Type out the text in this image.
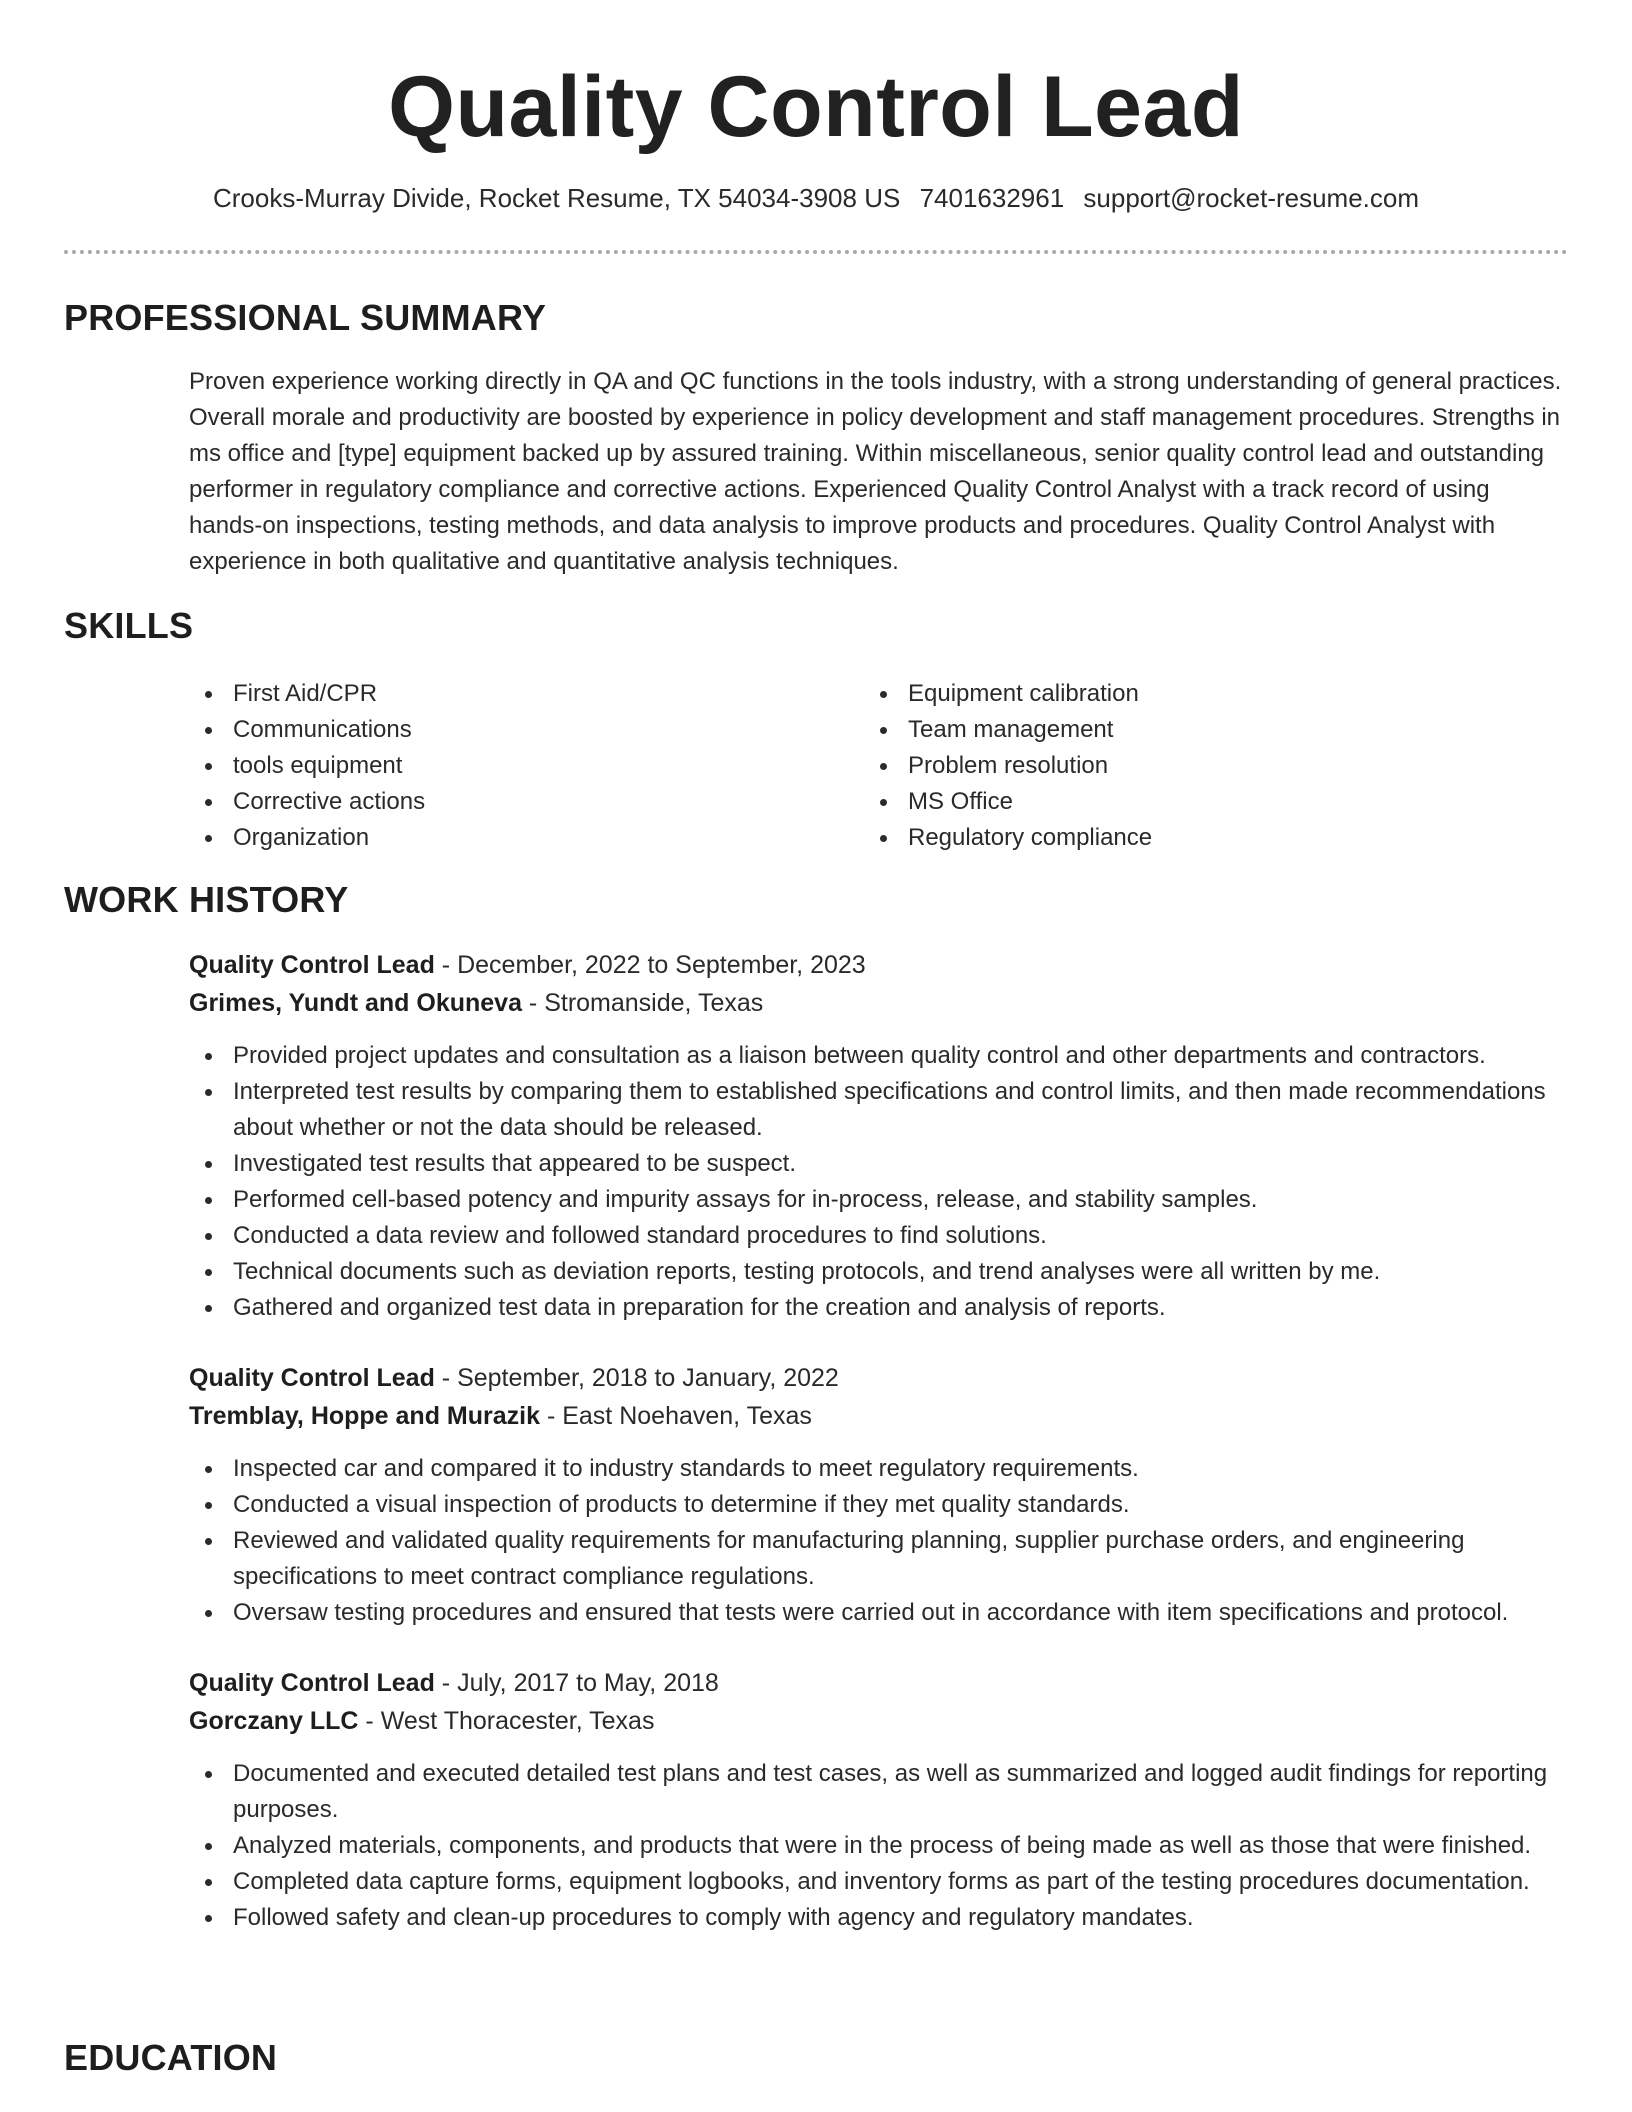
Quality Control Lead
Crooks-Murray Divide, Rocket Resume, TX 54034-3908 US 7401632961 support@rocket-resume.com
PROFESSIONAL SUMMARY

Proven experience working directly in QA and QC functions in the tools industry, with a strong understanding of general practices. Overall morale and productivity are boosted by experience in policy development and staff management procedures. Strengths in ms office and [type] equipment backed up by assured training. Within miscellaneous, senior quality control lead and outstanding performer in regulatory compliance and corrective actions. Experienced Quality Control Analyst with a track record of using hands-on inspections, testing methods, and data analysis to improve products and procedures. Quality Control Analyst with experience in both qualitative and quantitative analysis techniques.

SKILLS
First Aid/CPR
Communications
tools equipment
Corrective actions
Organization
Equipment calibration
Team management
Problem resolution
MS Office
Regulatory compliance
WORK HISTORY
Quality Control Lead - December, 2022 to September, 2023
Grimes, Yundt and Okuneva - Stromanside, Texas
Provided project updates and consultation as a liaison between quality control and other departments and contractors.
Interpreted test results by comparing them to established specifications and control limits, and then made recommendations about whether or not the data should be released.
Investigated test results that appeared to be suspect.
Performed cell-based potency and impurity assays for in-process, release, and stability samples.
Conducted a data review and followed standard procedures to find solutions.
Technical documents such as deviation reports, testing protocols, and trend analyses were all written by me.
Gathered and organized test data in preparation for the creation and analysis of reports.
Quality Control Lead - September, 2018 to January, 2022
Tremblay, Hoppe and Murazik - East Noehaven, Texas
Inspected car and compared it to industry standards to meet regulatory requirements.
Conducted a visual inspection of products to determine if they met quality standards.
Reviewed and validated quality requirements for manufacturing planning, supplier purchase orders, and engineering specifications to meet contract compliance regulations.
Oversaw testing procedures and ensured that tests were carried out in accordance with item specifications and protocol.
Quality Control Lead - July, 2017 to May, 2018
Gorczany LLC - West Thoracester, Texas
Documented and executed detailed test plans and test cases, as well as summarized and logged audit findings for reporting purposes.
Analyzed materials, components, and products that were in the process of being made as well as those that were finished.
Completed data capture forms, equipment logbooks, and inventory forms as part of the testing procedures documentation.
Followed safety and clean-up procedures to comply with agency and regulatory mandates.
EDUCATION
